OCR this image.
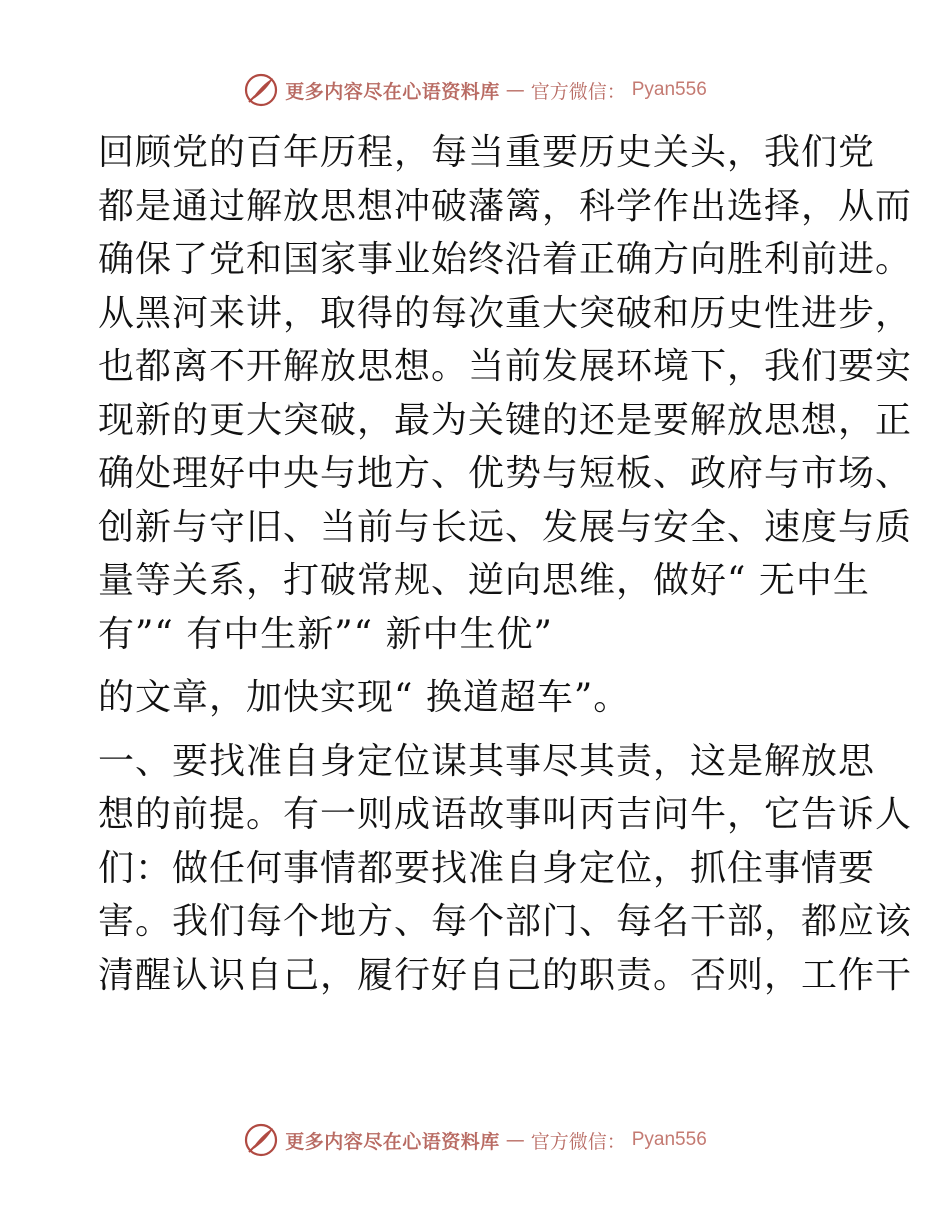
更多内容尽在心语资料库 — 官方微信： Pyan556

回顾党的百年历程，每当重要历史关头，我们党
都是通过解放思想冲破藩篱，科学作出选择，从而
确保了党和国家事业始终沿着正确方向胜利前进。
从黑河来讲，取得的每次重大突破和历史性进步，
也都离不开解放思想。当前发展环境下，我们要实
现新的更大突破，最为关键的还是要解放思想，正
确处理好中央与地方、优势与短板、政府与市场、
创新与守旧、当前与长远、发展与安全、速度与质
量等关系，打破常规、逆向思维，做好“ 无中生
有”“ 有中生新”“ 新中生优”

的文章，加快实现“ 换道超车”。

一、要找准自身定位谋其事尽其责，这是解放思
想的前提。有一则成语故事叫丙吉问牛，它告诉人
们：做任何事情都要找准自身定位，抓住事情要
害。我们每个地方、每个部门、每名干部，都应该
清醒认识自己，履行好自己的职责。否则，工作干

更多内容尽在心语资料库 — 官方微信： Pyan556
